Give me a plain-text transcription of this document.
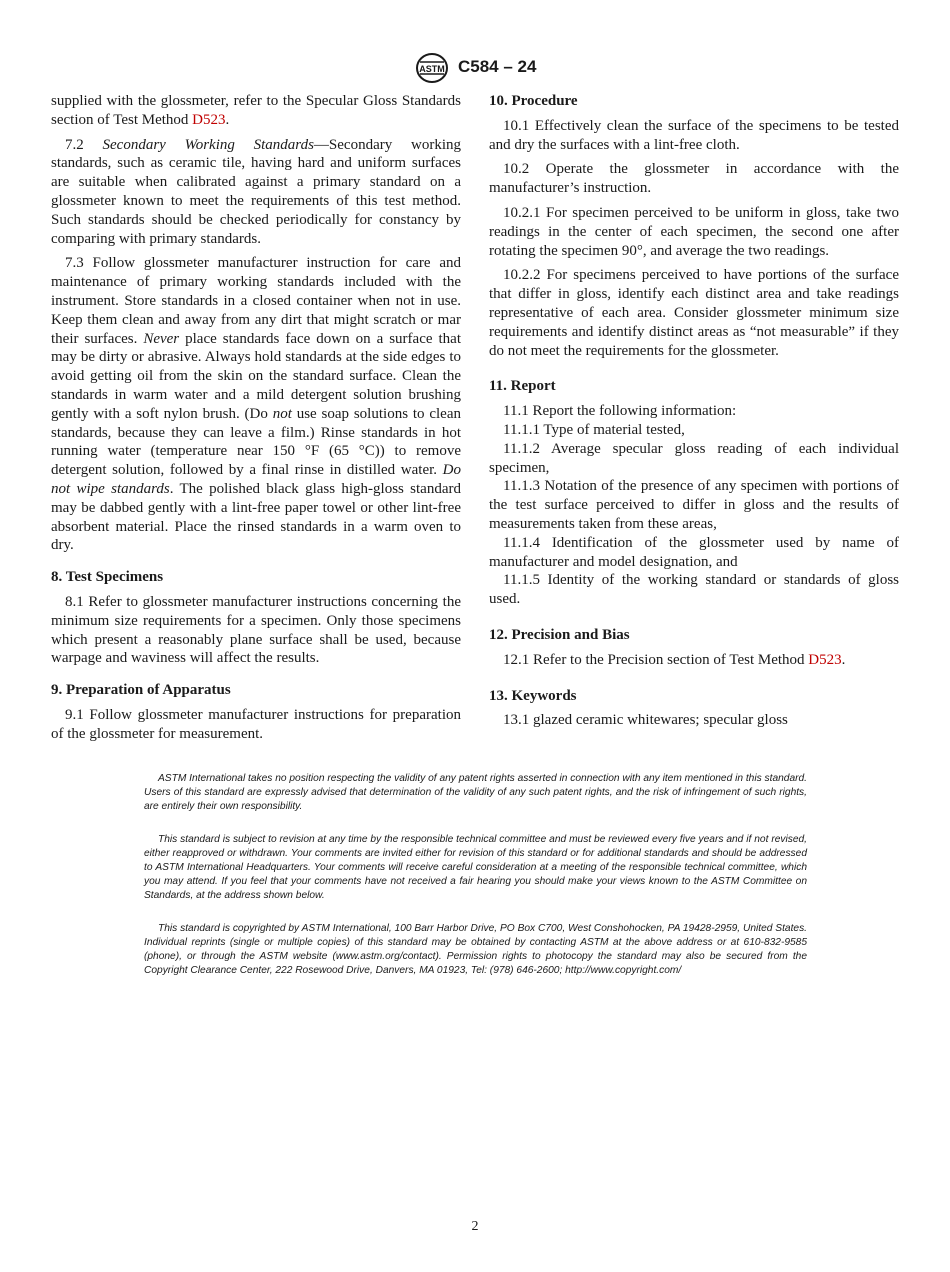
ASTM C584 – 24

supplied with the glossmeter, refer to the Specular Gloss Standards section of Test Method D523.

7.2 Secondary Working Standards—Secondary working standards, such as ceramic tile, having hard and uniform surfaces are suitable when calibrated against a primary standard on a glossmeter known to meet the requirements of this test method. Such standards should be checked periodically for constancy by comparing with primary standards.

7.3 Follow glossmeter manufacturer instruction for care and maintenance of primary working standards included with the instrument. Store standards in a closed container when not in use. Keep them clean and away from any dirt that might scratch or mar their surfaces. Never place standards face down on a surface that may be dirty or abrasive. Always hold standards at the side edges to avoid getting oil from the skin on the standard surface. Clean the standards in warm water and a mild detergent solution brushing gently with a soft nylon brush. (Do not use soap solutions to clean standards, because they can leave a film.) Rinse standards in hot running water (temperature near 150 °F (65 °C)) to remove detergent solution, followed by a final rinse in distilled water. Do not wipe standards. The polished black glass high-gloss standard may be dabbed gently with a lint-free paper towel or other lint-free absorbent material. Place the rinsed standards in a warm oven to dry.

8. Test Specimens

8.1 Refer to glossmeter manufacturer instructions concerning the minimum size requirements for a specimen. Only those specimens which present a reasonably plane surface shall be used, because warpage and waviness will affect the results.

9. Preparation of Apparatus

9.1 Follow glossmeter manufacturer instructions for preparation of the glossmeter for measurement.

10. Procedure

10.1 Effectively clean the surface of the specimens to be tested and dry the surfaces with a lint-free cloth.

10.2 Operate the glossmeter in accordance with the manufacturer’s instruction.

10.2.1 For specimen perceived to be uniform in gloss, take two readings in the center of each specimen, the second one after rotating the specimen 90°, and average the two readings.

10.2.2 For specimens perceived to have portions of the surface that differ in gloss, identify each distinct area and take readings representative of each area. Consider glossmeter minimum size requirements and identify distinct areas as “not measurable” if they do not meet the requirements for the glossmeter.

11. Report

11.1 Report the following information:

11.1.1 Type of material tested,

11.1.2 Average specular gloss reading of each individual specimen,

11.1.3 Notation of the presence of any specimen with portions of the test surface perceived to differ in gloss and the results of measurements taken from these areas,

11.1.4 Identification of the glossmeter used by name of manufacturer and model designation, and

11.1.5 Identity of the working standard or standards of gloss used.

12. Precision and Bias

12.1 Refer to the Precision section of Test Method D523.

13. Keywords

13.1 glazed ceramic whitewares; specular gloss

ASTM International takes no position respecting the validity of any patent rights asserted in connection with any item mentioned in this standard. Users of this standard are expressly advised that determination of the validity of any such patent rights, and the risk of infringement of such rights, are entirely their own responsibility.

This standard is subject to revision at any time by the responsible technical committee and must be reviewed every five years and if not revised, either reapproved or withdrawn. Your comments are invited either for revision of this standard or for additional standards and should be addressed to ASTM International Headquarters. Your comments will receive careful consideration at a meeting of the responsible technical committee, which you may attend. If you feel that your comments have not received a fair hearing you should make your views known to the ASTM Committee on Standards, at the address shown below.

This standard is copyrighted by ASTM International, 100 Barr Harbor Drive, PO Box C700, West Conshohocken, PA 19428-2959, United States. Individual reprints (single or multiple copies) of this standard may be obtained by contacting ASTM at the above address or at 610-832-9585 (phone), or through the ASTM website (www.astm.org/contact). Permission rights to photocopy the standard may also be secured from the Copyright Clearance Center, 222 Rosewood Drive, Danvers, MA 01923, Tel: (978) 646-2600; http://www.copyright.com/

2
